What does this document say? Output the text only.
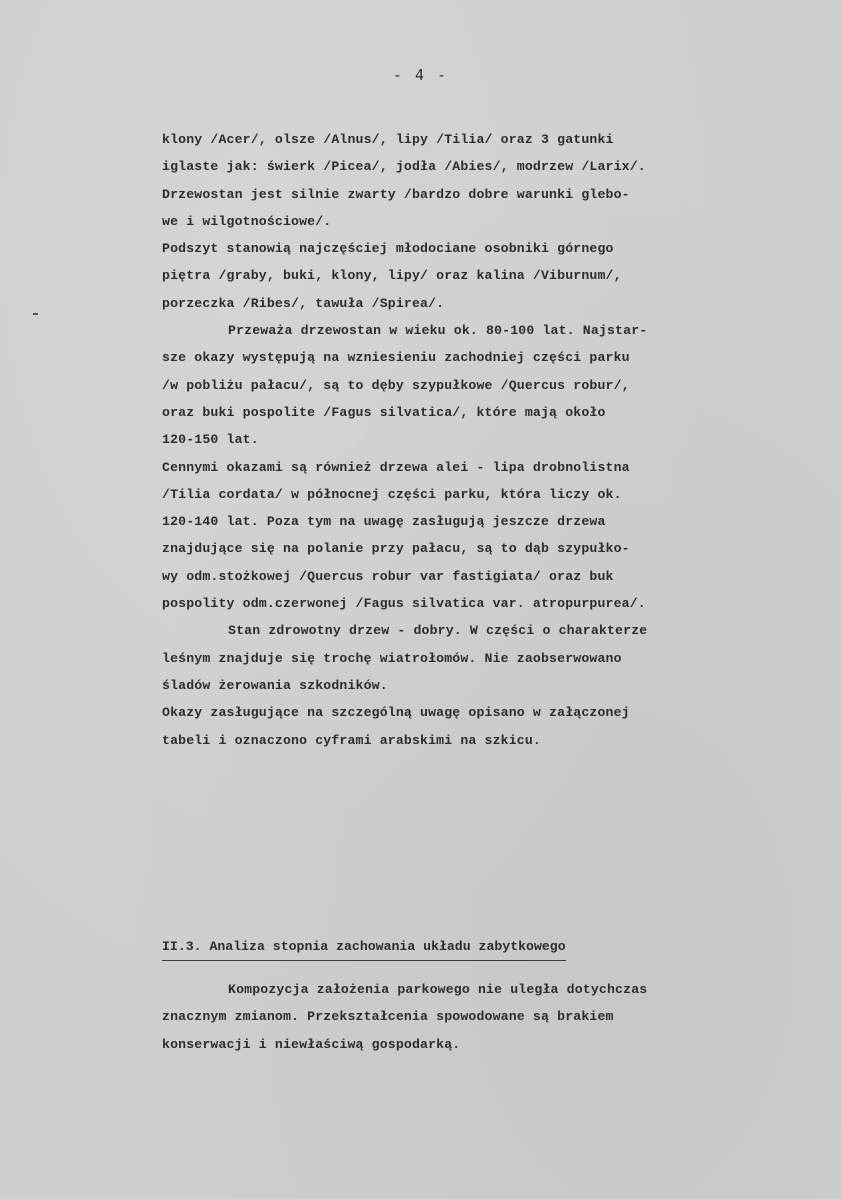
- 4 -
klony /Acer/, olsze /Alnus/, lipy /Tilia/ oraz 3 gatunki
iglaste jak: świerk /Picea/, jodła /Abies/, modrzew /Larix/.
Drzewostan jest silnie zwarty /bardzo dobre warunki glebo-
we i wilgotnościowe/.
Podszyt stanowią najczęściej młodociane osobniki górnego
piętra /graby, buki, klony, lipy/ oraz kalina /Viburnum/,
porzeczka /Ribes/, tawuła /Spirea/.
Przeważa drzewostan w wieku ok. 80-100 lat. Najstar-
sze okazy występują na wzniesieniu zachodniej części parku
/w pobliżu pałacu/, są to dęby szypułkowe /Quercus robur/,
oraz buki pospolite /Fagus silvatica/, które mają około
120-150 lat.
Cennymi okazami są również drzewa alei - lipa drobnolistna
/Tilia cordata/ w północnej części parku, która liczy ok.
120-140 lat. Poza tym na uwagę zasługują jeszcze drzewa
znajdujące się na polanie przy pałacu, są to dąb szypułko-
wy odm.stożkowej /Quercus robur var fastigiata/ oraz buk
pospolity odm.czerwonej /Fagus silvatica var. atropurpurea/.
Stan zdrowotny drzew - dobry. W części o charakterze
leśnym znajduje się trochę wiatrołomów. Nie zaobserwowano
śladów żerowania szkodników.
Okazy zasługujące na szczególną uwagę opisano w załączonej
tabeli i oznaczono cyframi arabskimi na szkicu.
II.3. Analiza stopnia zachowania układu zabytkowego
Kompozycja założenia parkowego nie uległa dotychczas
znacznym zmianom. Przekształcenia spowodowane są brakiem
konserwacji i niewłaściwą gospodarką.
